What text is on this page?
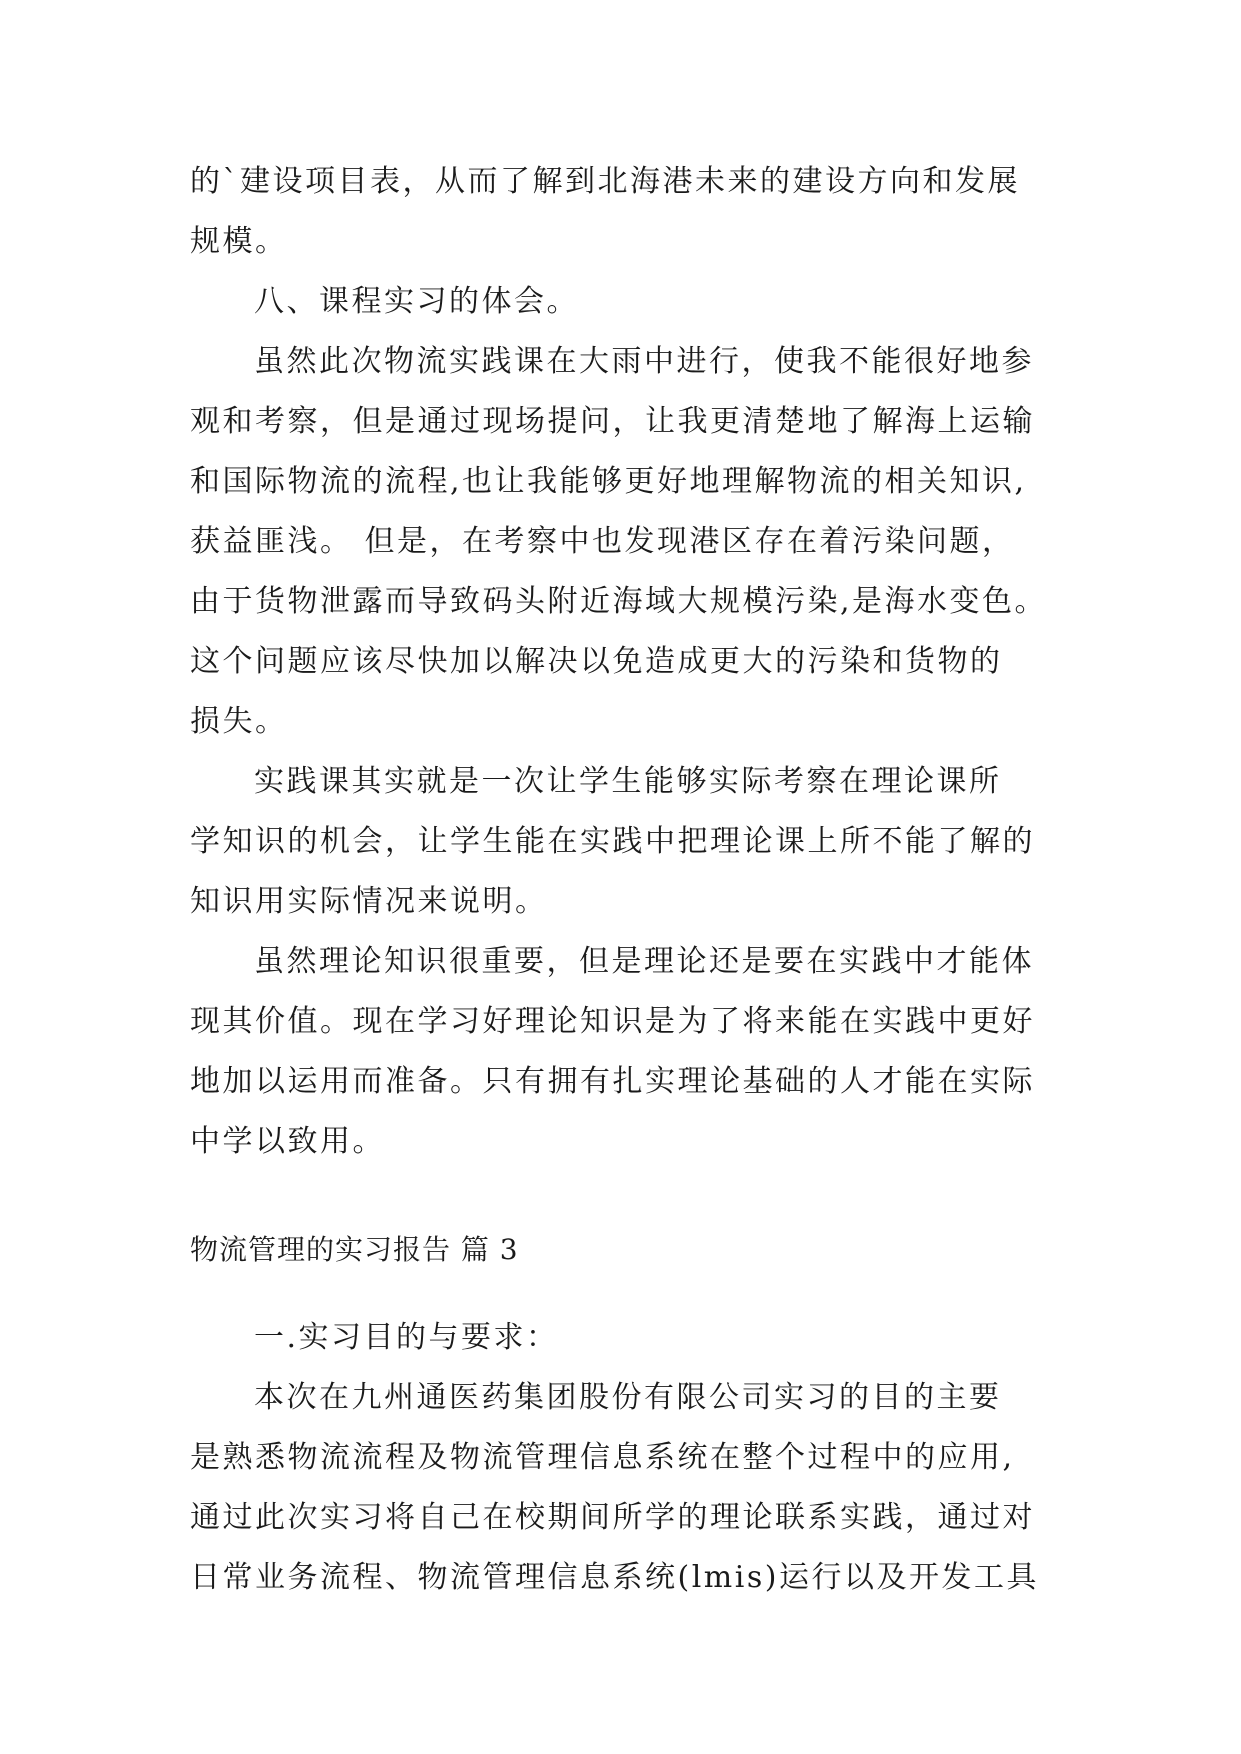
的`建设项目表，从而了解到北海港未来的建设方向和发展

规模。

八、课程实习的体会。

虽然此次物流实践课在大雨中进行，使我不能很好地参

观和考察，但是通过现场提问，让我更清楚地了解海上运输

和国际物流的流程,也让我能够更好地理解物流的相关知识,

获益匪浅。 但是，在考察中也发现港区存在着污染问题，

由于货物泄露而导致码头附近海域大规模污染,是海水变色。

这个问题应该尽快加以解决以免造成更大的污染和货物的

损失。

实践课其实就是一次让学生能够实际考察在理论课所

学知识的机会，让学生能在实践中把理论课上所不能了解的

知识用实际情况来说明。

虽然理论知识很重要，但是理论还是要在实践中才能体

现其价值。现在学习好理论知识是为了将来能在实践中更好

地加以运用而准备。只有拥有扎实理论基础的人才能在实际

中学以致用。

物流管理的实习报告 篇 3

一.实习目的与要求：

本次在九州通医药集团股份有限公司实习的目的主要

是熟悉物流流程及物流管理信息系统在整个过程中的应用,

通过此次实习将自己在校期间所学的理论联系实践，通过对

日常业务流程、物流管理信息系统(lmis)运行以及开发工具
